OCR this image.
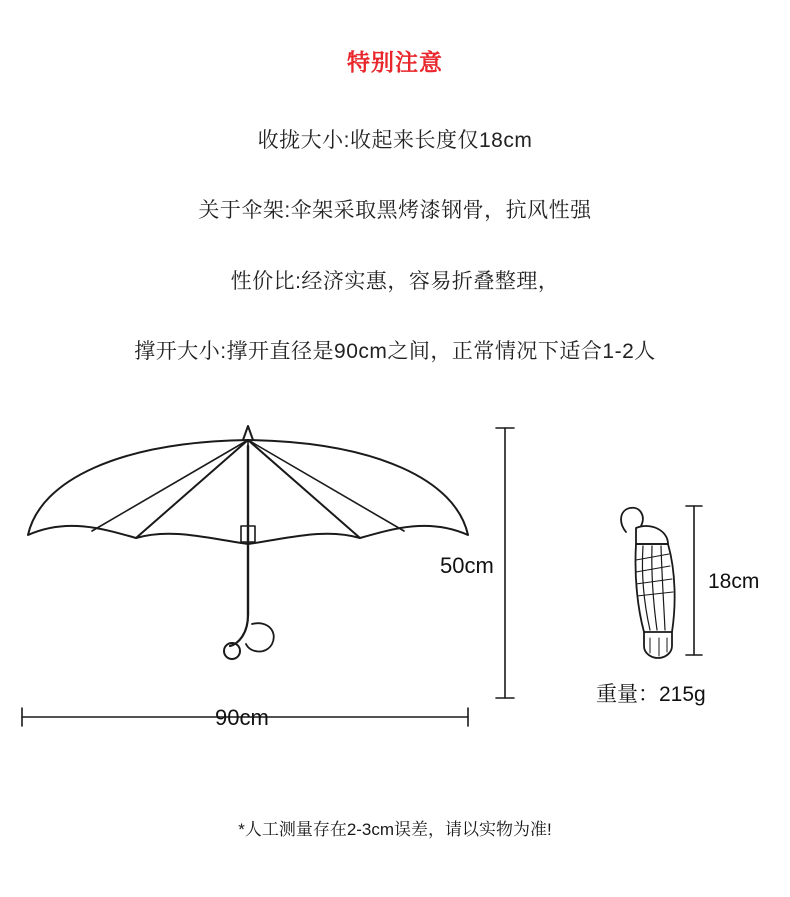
特别注意
收拢大小:收起来长度仅18cm
关于伞架:伞架采取黑烤漆钢骨，抗风性强
性价比:经济实惠，容易折叠整理，
撑开大小:撑开直径是90cm之间，正常情况下适合1-2人
50cm
90cm
18cm
重量：215g
*人工测量存在2-3cm误差，请以实物为准!
